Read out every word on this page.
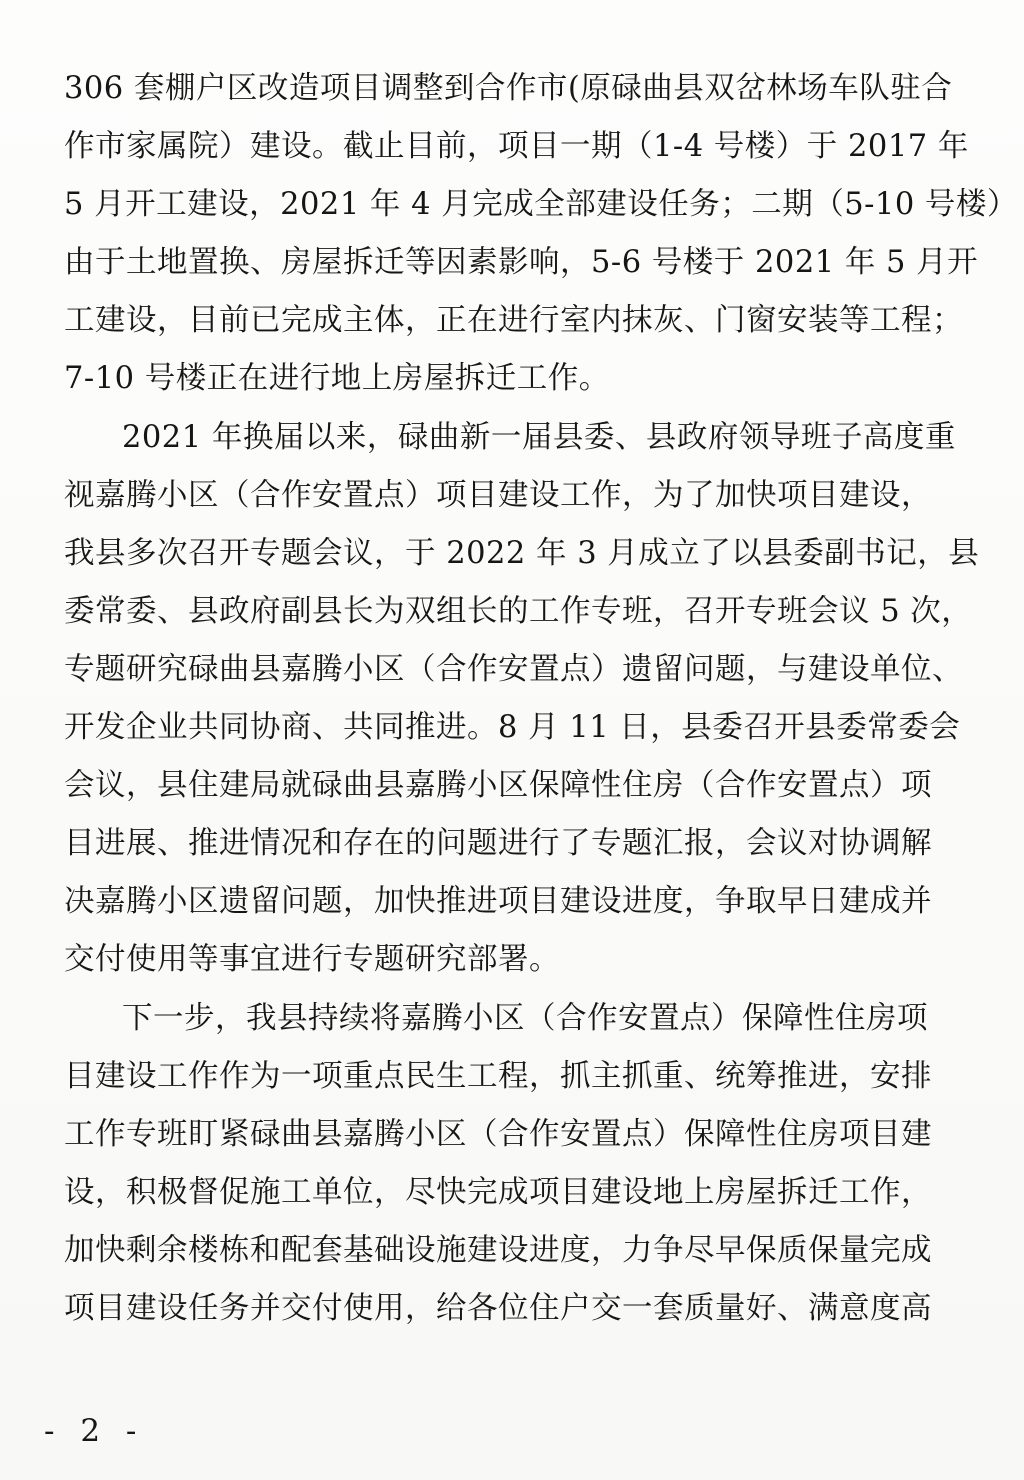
306 套棚户区改造项目调整到合作市(原碌曲县双岔林场车队驻合
作市家属院）建设。截止目前，项目一期（1-4 号楼）于 2017 年
5 月开工建设，2021 年 4 月完成全部建设任务；二期（5-10 号楼）
由于土地置换、房屋拆迁等因素影响，5-6 号楼于 2021 年 5 月开
工建设，目前已完成主体，正在进行室内抹灰、门窗安装等工程；
7-10 号楼正在进行地上房屋拆迁工作。
2021 年换届以来，碌曲新一届县委、县政府领导班子高度重
视嘉腾小区（合作安置点）项目建设工作，为了加快项目建设，
我县多次召开专题会议，于 2022 年 3 月成立了以县委副书记，县
委常委、县政府副县长为双组长的工作专班，召开专班会议 5 次，
专题研究碌曲县嘉腾小区（合作安置点）遗留问题，与建设单位、
开发企业共同协商、共同推进。8 月 11 日，县委召开县委常委会
会议，县住建局就碌曲县嘉腾小区保障性住房（合作安置点）项
目进展、推进情况和存在的问题进行了专题汇报，会议对协调解
决嘉腾小区遗留问题，加快推进项目建设进度，争取早日建成并
交付使用等事宜进行专题研究部署。
下一步，我县持续将嘉腾小区（合作安置点）保障性住房项
目建设工作作为一项重点民生工程，抓主抓重、统筹推进，安排
工作专班盯紧碌曲县嘉腾小区（合作安置点）保障性住房项目建
设，积极督促施工单位，尽快完成项目建设地上房屋拆迁工作，
加快剩余楼栋和配套基础设施建设进度，力争尽早保质保量完成
项目建设任务并交付使用，给各位住户交一套质量好、满意度高
- 2 -
